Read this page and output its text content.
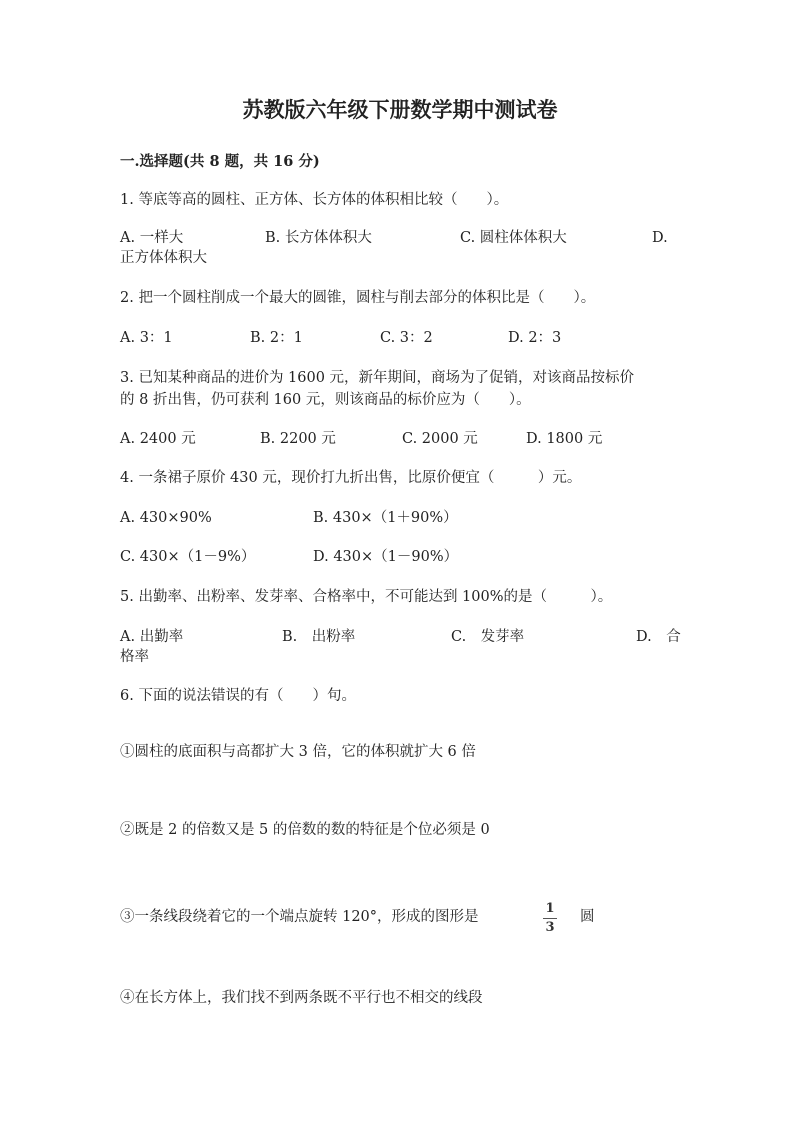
苏教版六年级下册数学期中测试卷
一.选择题(共 8 题，共 16 分)
1. 等底等高的圆柱、正方体、长方体的体积相比较（　　）。
A. 一样大	B. 长方体体积大	C. 圆柱体体积大	D.
正方体体积大
2. 把一个圆柱削成一个最大的圆锥，圆柱与削去部分的体积比是（　　）。
A. 3：1	B. 2：1	C. 3：2	D. 2：3
3. 已知某种商品的进价为 1600 元，新年期间，商场为了促销，对该商品按标价
的 8 折出售，仍可获利 160 元，则该商品的标价应为（　　）。
A. 2400 元	B. 2200 元	C. 2000 元	D. 1800 元
4. 一条裙子原价 430 元，现价打九折出售，比原价便宜（　　　）元。
A. 430×90%	B. 430×（1＋90%）
C. 430×（1－9%）	D. 430×（1－90%）
5. 出勤率、出粉率、发芽率、合格率中，不可能达到 100%的是（　　　）。
A. 出勤率	B.　出粉率	C.　发芽率	D.　合
格率
6. 下面的说法错误的有（　　）句。
①圆柱的底面积与高都扩大 3 倍，它的体积就扩大 6 倍
②既是 2 的倍数又是 5 的倍数的数的特征是个位必须是 0
③一条线段绕着它的一个端点旋转 120°，形成的图形是
1
3
圆
④在长方体上，我们找不到两条既不平行也不相交的线段
